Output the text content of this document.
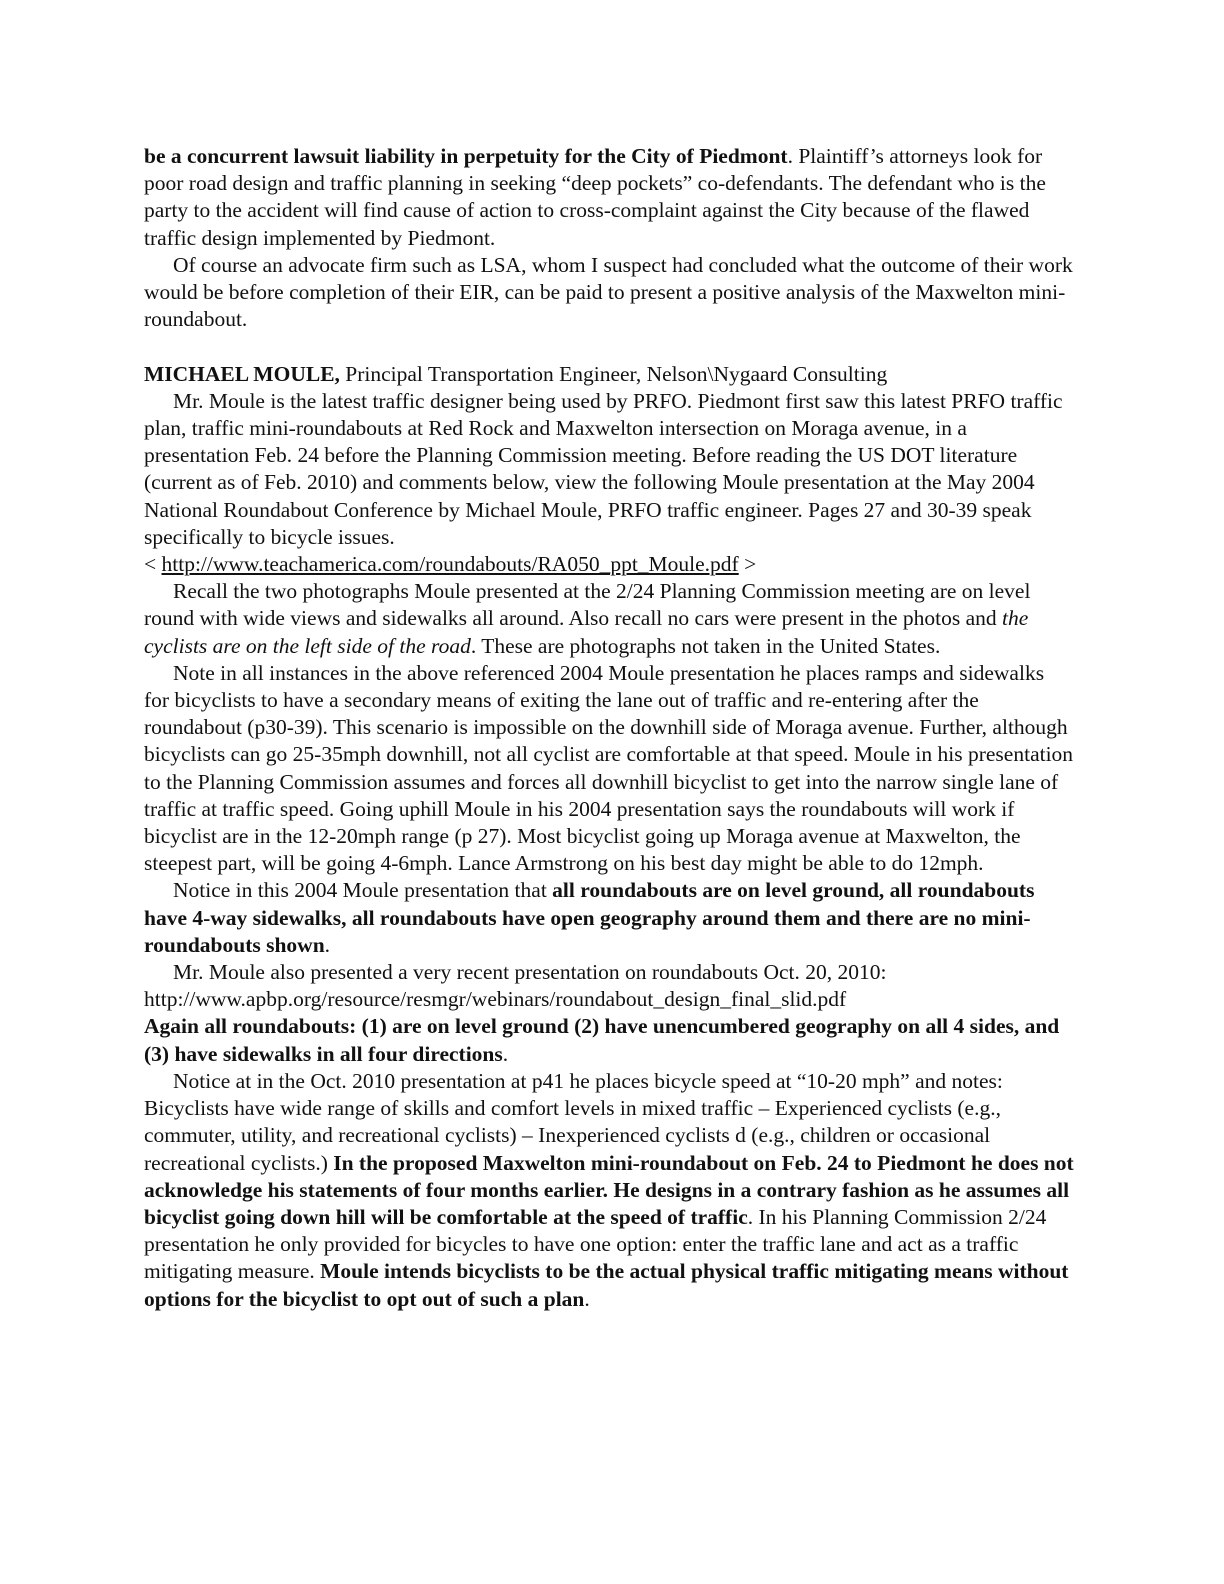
be a concurrent lawsuit liability in perpetuity for the City of Piedmont. Plaintiff’s attorneys look for poor road design and traffic planning in seeking “deep pockets” co-defendants. The defendant who is the party to the accident will find cause of action to cross-complaint against the City because of the flawed traffic design implemented by Piedmont.

Of course an advocate firm such as LSA, whom I suspect had concluded what the outcome of their work would be before completion of their EIR, can be paid to present a positive analysis of the Maxwelton mini-roundabout.

MICHAEL MOULE, Principal Transportation Engineer, Nelson\Nygaard Consulting

Mr. Moule is the latest traffic designer being used by PRFO. Piedmont first saw this latest PRFO traffic plan, traffic mini-roundabouts at Red Rock and Maxwelton intersection on Moraga avenue, in a presentation Feb. 24 before the Planning Commission meeting. Before reading the US DOT literature (current as of Feb. 2010) and comments below, view the following Moule presentation at the May 2004 National Roundabout Conference by Michael Moule, PRFO traffic engineer. Pages 27 and 30-39 speak specifically to bicycle issues.

< http://www.teachamerica.com/roundabouts/RA050_ppt_Moule.pdf >

Recall the two photographs Moule presented at the 2/24 Planning Commission meeting are on level round with wide views and sidewalks all around. Also recall no cars were present in the photos and the cyclists are on the left side of the road. These are photographs not taken in the United States.

Note in all instances in the above referenced 2004 Moule presentation he places ramps and sidewalks for bicyclists to have a secondary means of exiting the lane out of traffic and re-entering after the roundabout (p30-39). This scenario is impossible on the downhill side of Moraga avenue. Further, although bicyclists can go 25-35mph downhill, not all cyclist are comfortable at that speed. Moule in his presentation to the Planning Commission assumes and forces all downhill bicyclist to get into the narrow single lane of traffic at traffic speed. Going uphill Moule in his 2004 presentation says the roundabouts will work if bicyclist are in the 12-20mph range (p 27). Most bicyclist going up Moraga avenue at Maxwelton, the steepest part, will be going 4-6mph. Lance Armstrong on his best day might be able to do 12mph.

Notice in this 2004 Moule presentation that all roundabouts are on level ground, all roundabouts have 4-way sidewalks, all roundabouts have open geography around them and there are no mini-roundabouts shown.

Mr. Moule also presented a very recent presentation on roundabouts Oct. 20, 2010:

http://www.apbp.org/resource/resmgr/webinars/roundabout_design_final_slid.pdf

Again all roundabouts: (1) are on level ground (2) have unencumbered geography on all 4 sides, and (3) have sidewalks in all four directions.

Notice at in the Oct. 2010 presentation at p41 he places bicycle speed at “10-20 mph” and notes: Bicyclists have wide range of skills and comfort levels in mixed traffic – Experienced cyclists (e.g., commuter, utility, and recreational cyclists) – Inexperienced cyclists d (e.g., children or occasional recreational cyclists.) In the proposed Maxwelton mini-roundabout on Feb. 24 to Piedmont he does not acknowledge his statements of four months earlier. He designs in a contrary fashion as he assumes all bicyclist going down hill will be comfortable at the speed of traffic. In his Planning Commission 2/24 presentation he only provided for bicycles to have one option: enter the traffic lane and act as a traffic mitigating measure. Moule intends bicyclists to be the actual physical traffic mitigating means without options for the bicyclist to opt out of such a plan.
